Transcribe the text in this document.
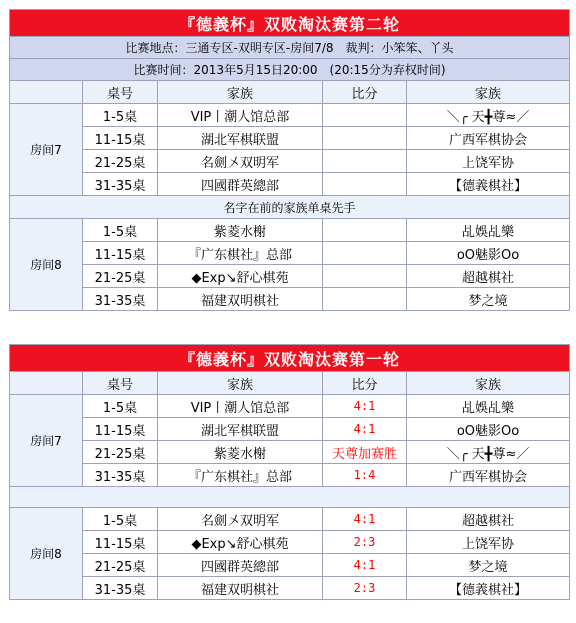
『德義杯』双败淘汰赛第二轮				
比赛地点：三通专区-双明专区-房间7/8　裁判：小笨笨、丫头				
比赛时间：2013年5月15日20:00　(20:15分为弃权时间)				
	桌号	家族	比分	家族
房间7	1-5桌	VIP丨潮人馆总部		＼╭ 天╋尊≈／
	11-15桌	湖北军棋联盟		广西军棋协会
	21-25桌	名劍〤双明军		上饶军协
	31-35桌	四國群英總部		【德義棋社】
名字在前的家族单桌先手				
房间8	1-5桌	紫菱水榭		乩娛乩樂
	11-15桌	『广东棋社』总部		oO魅影Oo
	21-25桌	◆Exp↘舒心棋苑		超越棋社
	31-35桌	福建双明棋社		梦之境
『德義杯』双败淘汰赛第一轮				
	桌号	家族	比分	家族
房间7	1-5桌	VIP丨潮人馆总部	4:1	乩娛乩樂
	11-15桌	湖北军棋联盟	4:1	oO魅影Oo
	21-25桌	紫菱水榭	天尊加赛胜	＼╭ 天╋尊≈／
	31-35桌	『广东棋社』总部	1:4	广西军棋协会

房间8	1-5桌	名劍〤双明军	4:1	超越棋社
	11-15桌	◆Exp↘舒心棋苑	2:3	上饶军协
	21-25桌	四國群英總部	4:1	梦之境
	31-35桌	福建双明棋社	2:3	【德義棋社】
